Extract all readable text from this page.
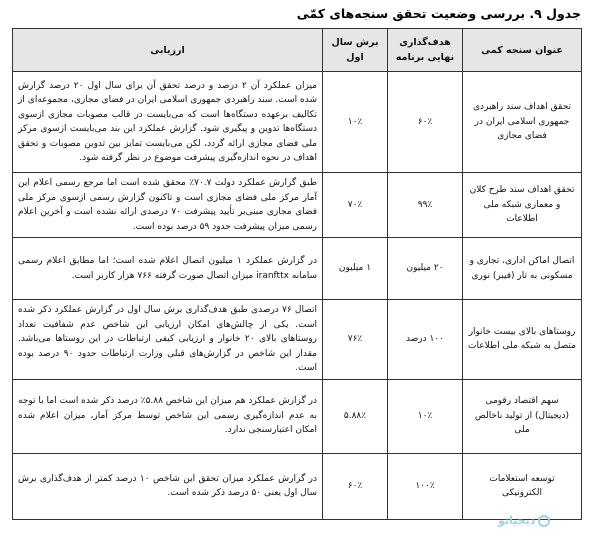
جدول ۹. بررسی وضعیت تحقق سنجه‌های کمّی
عنوان سنجه کمی	هدف‌گذاری نهایی برنامه	برش سال اول	ارزیابی
تحقق اهداف سند راهبردی جمهوری اسلامی ایران در فضای مجازی	۶۰٪	۱۰٪	میزان عملکرد آن ۲ درصد و درصد تحقق آن برای سال اول ۲۰ درصد گزارش شده است. سند راهبردی جمهوری اسلامی ایران در فضای مجازی، مجموعه‌ای از تکالیف برعهده دستگاه‌ها است که می‌بایست در قالب مصوبات مجازی ازسوی دستگاه‌ها تدوین و پیگیری شود. گزارش عملکرد این بند می‌بایست ازسوی مرکز ملی فضای مجازی ارائه گردد، لکن می‌بایست تمایز بین تدوین مصوبات و تحقق اهداف در نحوه اندازه‌گیری پیشرفت موضوع در نظر گرفته شود.
تحقق اهداف سند طرح کلان و معماری شبکه ملی اطلاعات	۹۹٪	۷۰٪	طبق گزارش عملکرد دولت ۷۰.۷٪ محقق شده است اما مرجع رسمی اعلام این آمار مرکز ملی فضای مجازی است و تاکنون گزارش رسمی ازسوی مرکز ملی فضای مجازی مبنی‌بر تأیید پیشرفت ۷۰ درصدی ارائه نشده است و آخرین اعلام رسمی میزان پیشرفت حدود ۵۹ درصد بوده است.
اتصال اماکن اداری، تجاری و مسکونی به تار (فیبر) نوری	۲۰ میلیون	۱ میلیون	در گزارش عملکرد ۱ میلیون اتصال اعلام شده است؛ اما مطابق اعلام رسمی سامانه iranfttx میزان اتصال صورت گرفته ۷۶۶ هزار کاربر است.
روستاهای بالای بیست خانوار متصل به شبکه ملی اطلاعات	۱۰۰ درصد	۷۶٪	اتصال ۷۶ درصدی طبق هدف‌گذاری برش سال اول در گزارش عملکرد ذکر شده است. یکی از چالش‌های امکان ارزیابی این شاخص عدم شفافیت تعداد روستاهای بالای ۲۰ خانوار و ارزیابی کیفی ارتباطات در این روستاها می‌باشد. مقدار این شاخص در گزارش‌های قبلی وزارت ارتباطات حدود ۹۰ درصد بوده است.
سهم اقتصاد رقومی (دیجیتال) از تولید ناخالص ملی	۱۰٪	۵.۸۸٪	در گزارش عملکرد هم میزان این شاخص ۵.۸۸٪ درصد ذکر شده است اما با توجه به عدم اندازه‌گیری رسمی این شاخص توسط مرکز آمار، میزان اعلام شده امکان اعتبارسنجی ندارد.
توسعه استعلامات الکترونیکی	۱۰۰٪	۶۰٪	در گزارش عملکرد میزان تحقق این شاخص ۱۰ درصد کمتر از هدف‌گذاری برش سال اول یعنی ۵۰ درصد ذکر شده است.
دیجیاتو
